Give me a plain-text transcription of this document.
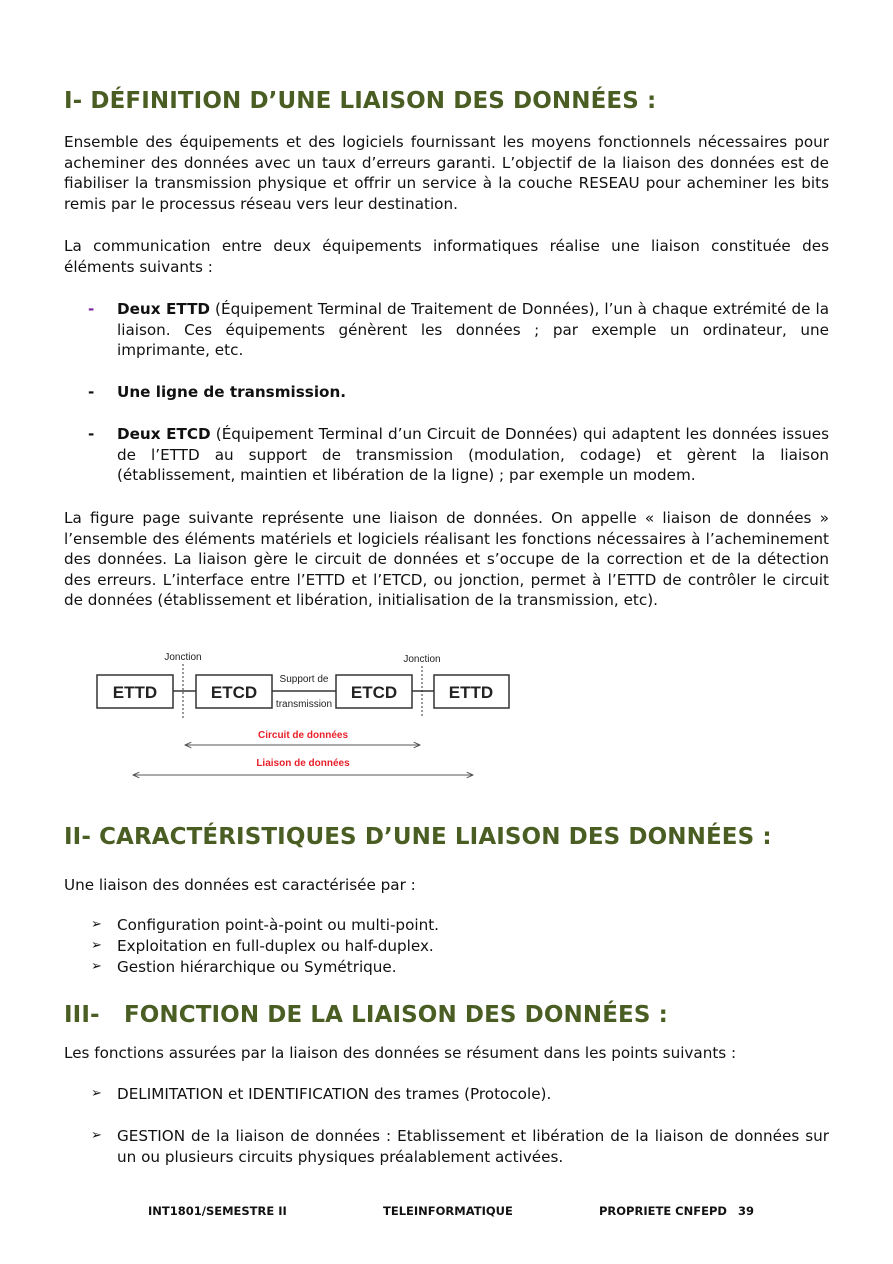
I- DÉFINITION D’UNE LIAISON DES DONNÉES :

Ensemble des équipements et des logiciels fournissant les moyens fonctionnels nécessaires pour acheminer des données avec un taux d’erreurs garanti. L’objectif de la liaison des données est de fiabiliser la transmission physique et offrir un service à la couche RESEAU pour acheminer les bits remis par le processus réseau vers leur destination.

La communication entre deux équipements informatiques réalise une liaison constituée des éléments suivants :

- Deux ETTD (Équipement Terminal de Traitement de Données), l’un à chaque extrémité de la liaison. Ces équipements génèrent les données ; par exemple un ordinateur, une imprimante, etc.
- Une ligne de transmission.
- Deux ETCD (Équipement Terminal d’un Circuit de Données) qui adaptent les données issues de l’ETTD au support de transmission (modulation, codage) et gèrent la liaison (établissement, maintien et libération de la ligne) ; par exemple un modem.

La figure page suivante représente une liaison de données. On appelle « liaison de données » l’ensemble des éléments matériels et logiciels réalisant les fonctions nécessaires à l’acheminement des données. La liaison gère le circuit de données et s’occupe de la correction et de la détection des erreurs. L’interface entre l’ETTD et l’ETCD, ou jonction, permet à l’ETTD de contrôler le circuit de données (établissement et libération, initialisation de la transmission, etc).

Jonction	Jonction
ETTD	ETCD	ETCD	ETTD
Support de
transmission
Circuit de données
Liaison de données
II- CARACTÉRISTIQUES D’UNE LIAISON DES DONNÉES :

Une liaison des données est caractérisée par :

➢ Configuration point-à-point ou multi-point.
➢ Exploitation en full-duplex ou half-duplex.
➢ Gestion hiérarchique ou Symétrique.
III-   FONCTION DE LA LIAISON DES DONNÉES :

Les fonctions assurées par la liaison des données se résument dans les points suivants :

➢ DELIMITATION et IDENTIFICATION des trames (Protocole).
➢ GESTION de la liaison de données : Etablissement et libération de la liaison de données sur un ou plusieurs circuits physiques préalablement activées.
INT1801/SEMESTRE II	TELEINFORMATIQUE	PROPRIETE CNFEPD 39
